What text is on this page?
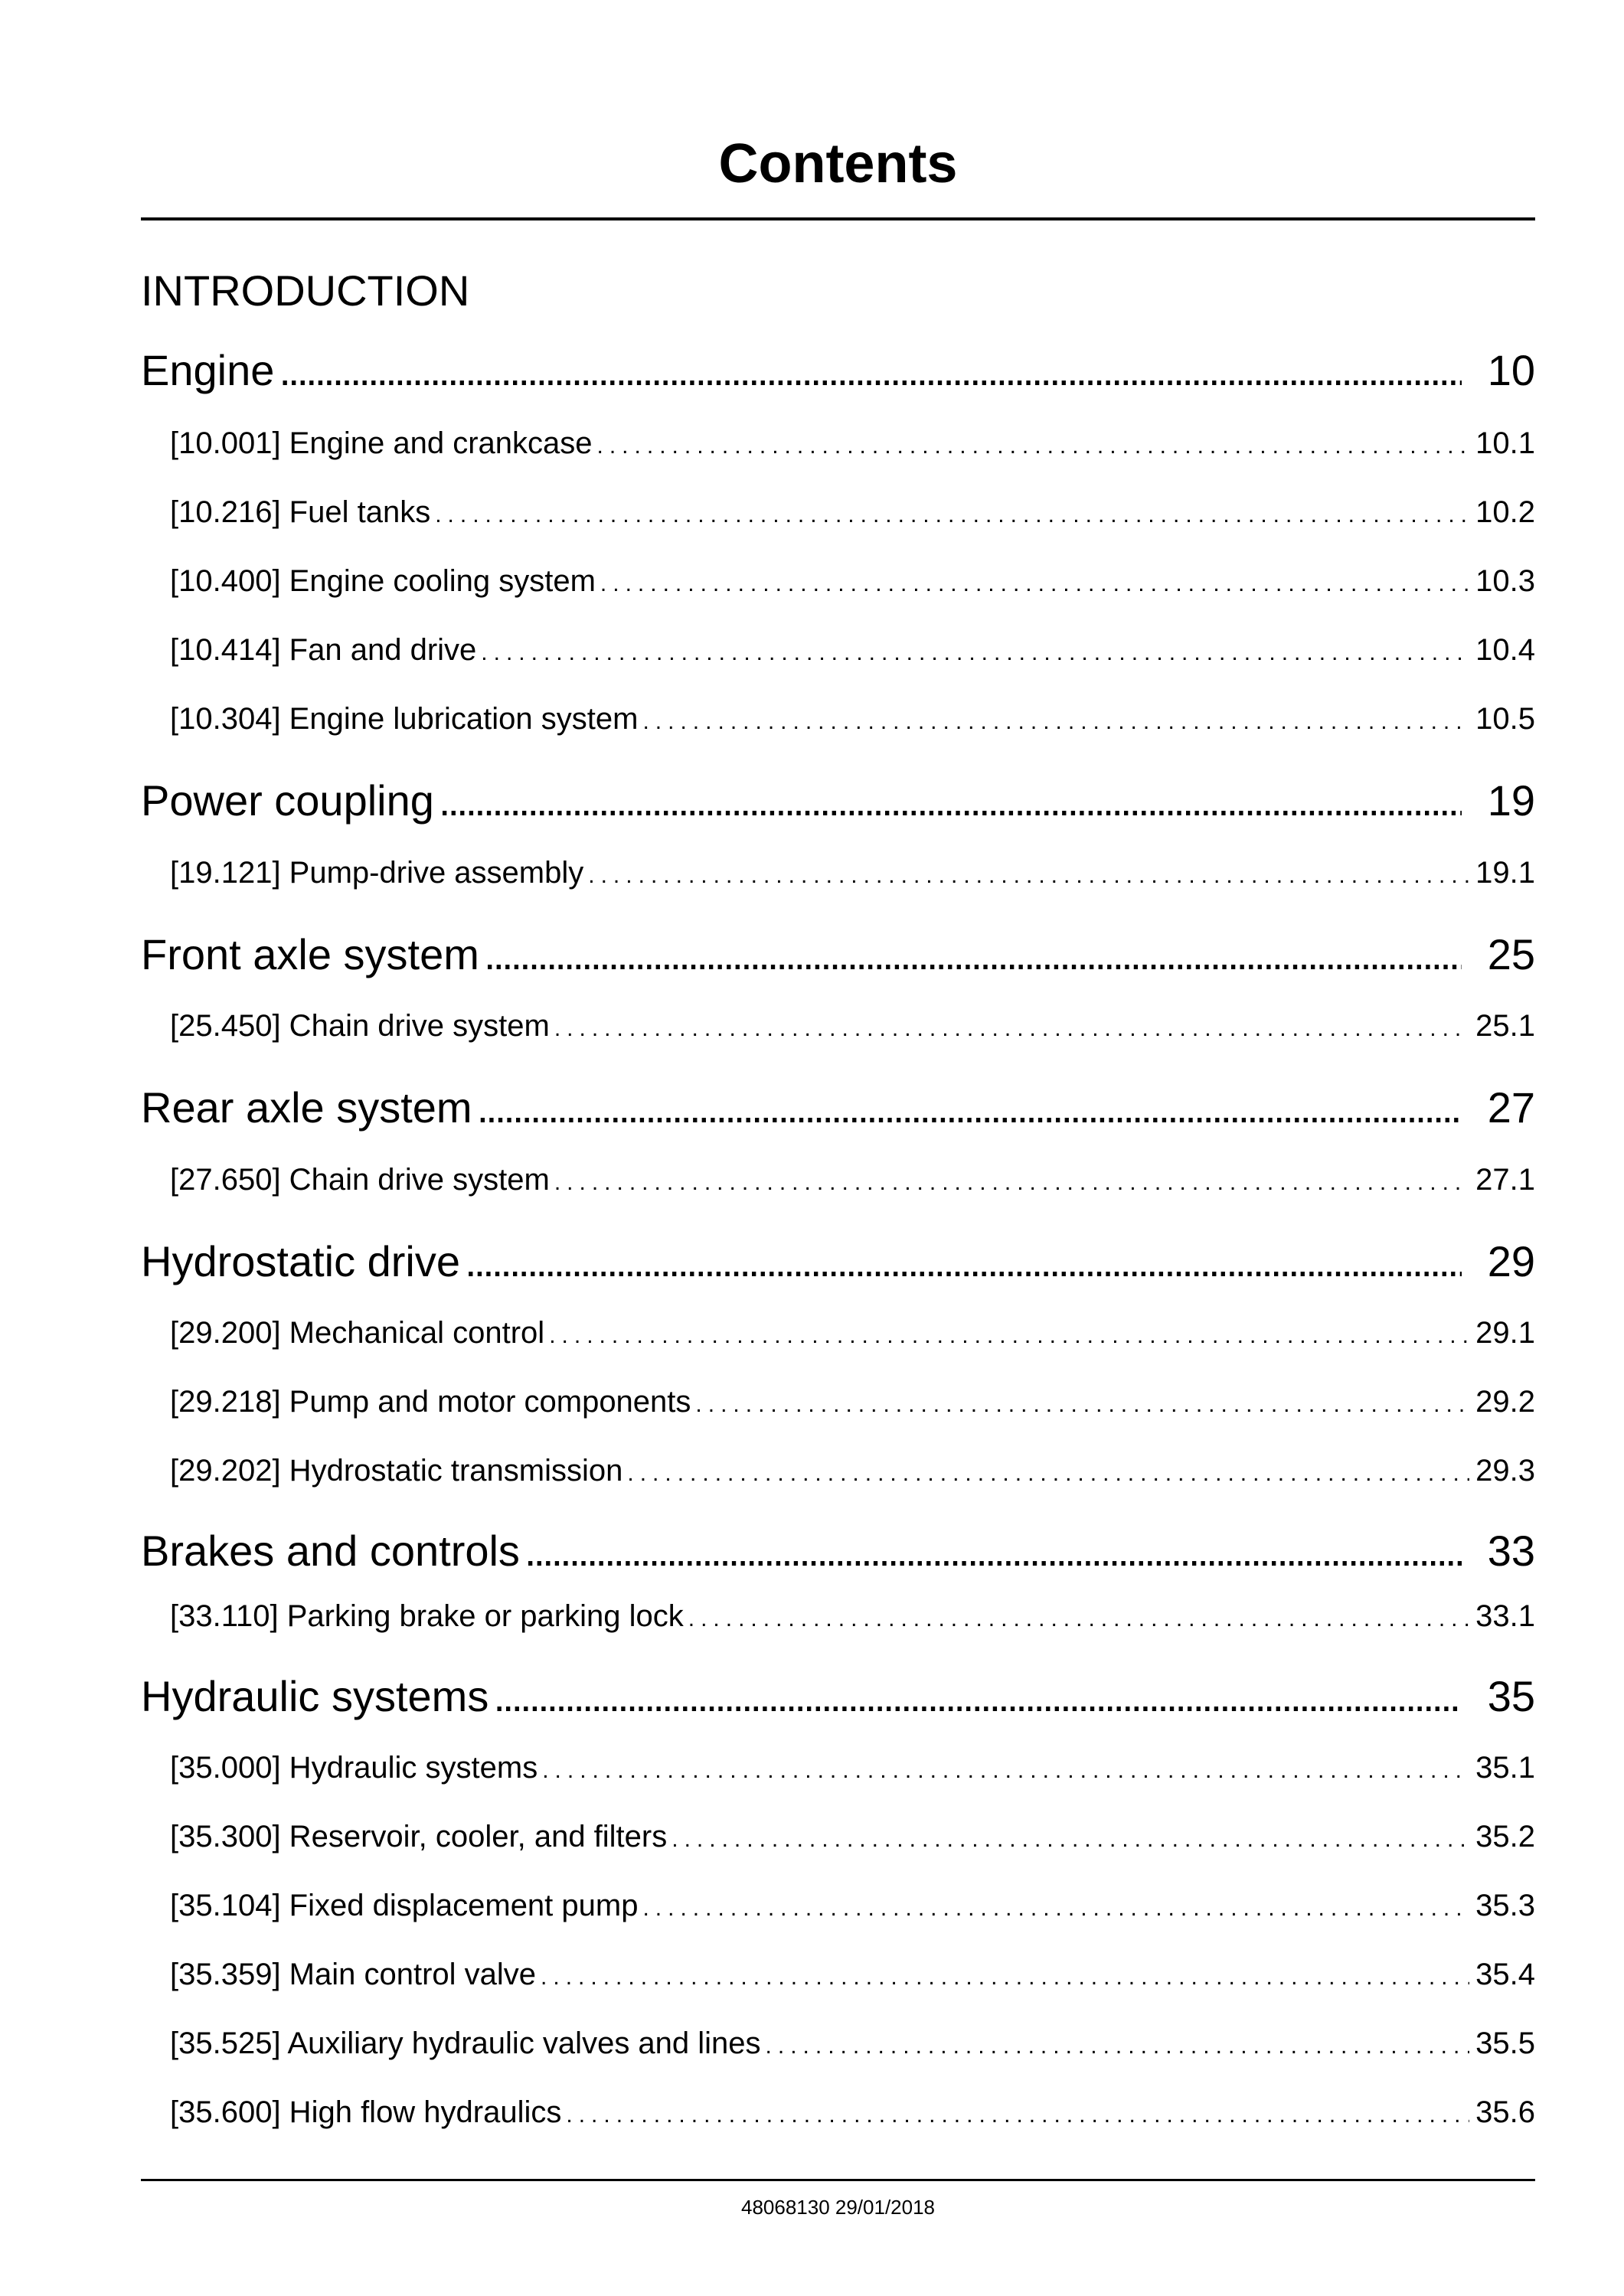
Contents
INTRODUCTION
Engine .....	10
[10.001] Engine and crankcase .....	10.1
[10.216] Fuel tanks .....	10.2
[10.400] Engine cooling system .....	10.3
[10.414] Fan and drive .....	10.4
[10.304] Engine lubrication system .....	10.5
Power coupling .....	19
[19.121] Pump-drive assembly .....	19.1
Front axle system .....	25
[25.450] Chain drive system .....	25.1
Rear axle system .....	27
[27.650] Chain drive system .....	27.1
Hydrostatic drive .....	29
[29.200] Mechanical control .....	29.1
[29.218] Pump and motor components .....	29.2
[29.202] Hydrostatic transmission .....	29.3
Brakes and controls .....	33
[33.110] Parking brake or parking lock .....	33.1
Hydraulic systems .....	35
[35.000] Hydraulic systems .....	35.1
[35.300] Reservoir, cooler, and filters .....	35.2
[35.104] Fixed displacement pump .....	35.3
[35.359] Main control valve .....	35.4
[35.525] Auxiliary hydraulic valves and lines .....	35.5
[35.600] High flow hydraulics .....	35.6
48068130 29/01/2018
